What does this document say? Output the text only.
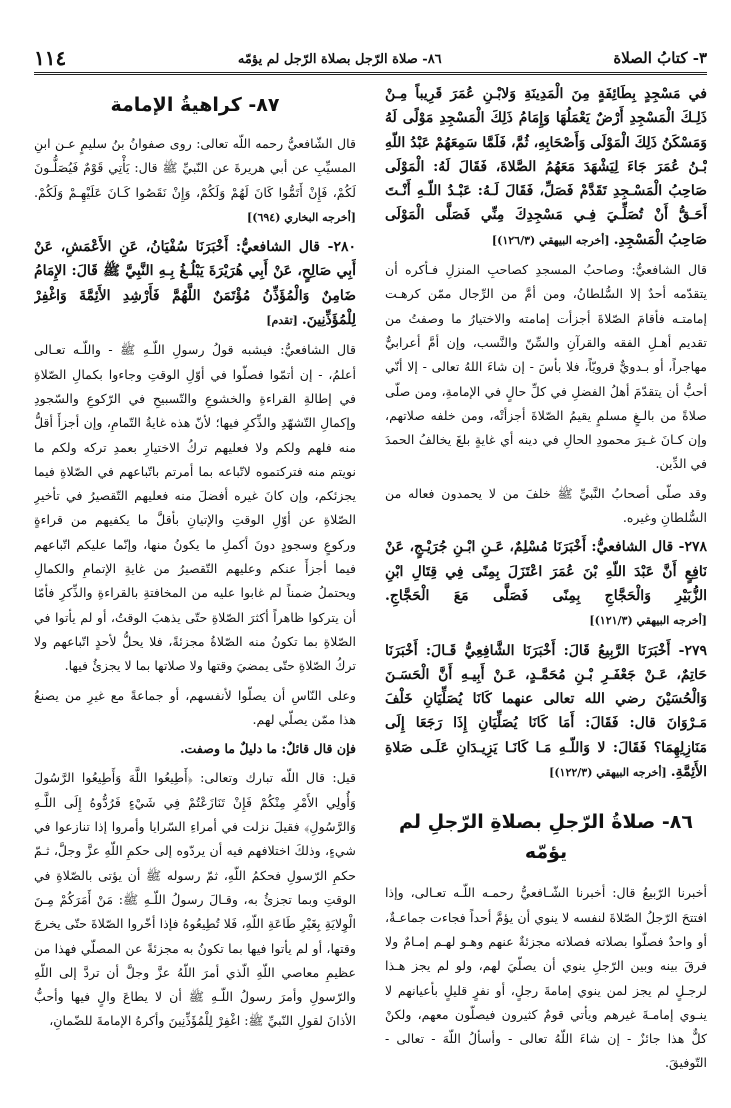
٣- كتابُ الصلاة
٨٦- صلاة الرّجل بصلاة الرّجل لم يؤمّه
١١٤

في مَسْجِدٍ بِطَائِفَةٍ مِنَ الْمَدِينَةِ وَلابْـنِ عُمَرَ قَرِيباً مِـنْ ذَلِـكَ الْمَسْجِدِ أَرْضٌ يَعْمَلُهَا وَإِمَامُ ذَلِكَ الْمَسْجِدِ مَوْلًى لَهُ وَمَسْكَنُ ذَلِكَ الْمَوْلَى وَأَصْحَابِهِ، ثُمَّ، فَلَمَّا سَمِعَهُمْ عَبْدُ اللّهِ بْـنُ عُمَرَ جَاءَ لِيَشْهَدَ مَعَهُمُ الصَّلاةَ، فَقَالَ لَهُ: الْمَوْلَى صَاحِبُ الْمَسْـجِدِ تَقَدَّمْ فَصَلِّ، فَقَالَ لَـهُ: عَبْـدُ اللّـهِ أَنْـتَ أَحَـقُّ أَنْ تُصَلِّـيَ فِـي مَسْجِدِكَ مِنِّي فَصَلَّى الْمَوْلَى صَاحِبُ الْمَسْجِدِ. [أخرجه البيهقي (١٢٦/٣)]

قال الشافعيُّ: وصاحبُ المسجدِ كصاحبِ المنزلِ فـأكره أن يتقدّمه أحدٌ إلا السُّلطانُ، ومن أمَّ من الرِّجال ممّن كرهـت إمامتـه فأقامَ الصّلاةَ أجزأت إمامته والاختيارُ ما وصفتُ من تقديم أهـلِ الفقه والقرآنِ والسِّنّ والنَّسب، وإن أمَّ أعرابيٌّ مهاجراً، أو بـدويٌّ قرويّاً، فلا بأسَ - إن شاءَ اللهُ تعالى - إلا أنّي أحبُّ أن يتقدّمَ أهلُ الفضلِ في كلِّ حالٍ في الإمامةِ، ومن صلّى صلاةً من بالـغٍ مسلمٍ يقيمُ الصّلاةَ أجزأتْه، ومن خلفه صلاتهم، وإن كـانَ غـيرَ محمودِ الحالِ في دينه أي غايةٍ بلغَ يخالفُ الحمدَ في الدِّين.

وقد صلّى أصحابُ النَّبيِّ ﷺ خلفَ من لا يحمدون فعاله من السُّلطانِ وغيره.

٢٧٨- قال الشافعيُّ: أَخْبَرَنَا مُسْلِمٌ، عَـنِ ابْـنِ جُرَيْـجٍ، عَنْ نَافِعٍ أَنَّ عَبْدَ اللّهِ بْنَ عُمَرَ اعْتَزَلَ بِمِنًى فِي قِتَالِ ابْنِ الزُّبَيْرِ وَالْحَجَّاجِ بِمِنًى فَصَلَّى مَعَ الْحَجَّاجِ. [أخرجه البيهقي (١٢١/٣)]

٢٧٩- أَخْبَرَنَا الرَّبِيعُ قَالَ: أَخْبَرَنَا الشَّافِعِيُّ قَـالَ: أَخْبَرَنَا حَاتِمٌ، عَـنْ جَعْفَـرِ بْـنِ مُحَمَّـدٍ، عَـنْ أَبِيـهِ أَنَّ الْحَسَـنَ وَالْحُسَيْنَ رضي الله تعالى عنهما كَانَا يُصَلِّيَانِ خَلْفَ مَـرْوَانَ قال: فَقَالَ: أَمَا كَانَا يُصَلِّيَانِ إِذَا رَجَعَا إِلَى مَنَازِلِهِمَا؟ فَقَالَ: لا وَاللّـهِ مَـا كَانَـا يَزِيـدَانِ عَلَـى صَلاةِ الأَئِمَّةِ. [أخرجه البيهقي (١٢٢/٣)]

٨٦- صلاةُ الرّجلِ بصلاةِ الرّجلِ لم يؤمّه

أخبرنا الرّبيعُ قال: أخبرنا الشّـافعيُّ رحمـه اللّـه تعـالى، وإذا افتتحَ الرّجلُ الصّلاةَ لنفسه لا ينوي أن يؤمَّ أحداً فجاءت جماعـةٌ، أو واحدٌ فصلّوا بصلاته فصلاته مجزئةٌ عنهم وهـو لهـم إمـامٌ ولا فرقَ بينه وبين الرّجلِ ينوي أن يصلّيَ لهم، ولو لم يجز هـذا لرجـلٍ لم يجز لمن ينوي إمامةَ رجلٍ، أو نفرٍ قليلٍ بأعيانهم لا ينـوي إمامـةَ غيرهم ويأتي قومٌ كثيرون فيصلّون معهم، ولكنْ كلٌّ هذا جائزٌ - إن شاءَ اللّهُ تعالى - وأسألُ اللّهَ - تعالى - التّوفيقَ.

٨٧- كراهيةُ الإمامة

قال الشّافعيُّ رحمه اللّه تعالى: روى صفوانُ بنُ سليمٍ عـن ابنِ المسيِّبِ عن أبي هريرةَ عن النّبيِّ ﷺ قال: يَأْتِي قَوْمٌ فَيُصَلُّـونَ لَكُمْ، فَإِنْ أَتَمُّوا كَانَ لَهُمْ وَلَكُمْ، وَإِنْ نَقَصُوا كَـانَ عَلَيْهِـمْ وَلَكُمْ. [أخرجه البخاري (٦٩٤)]

٢٨٠- قال الشافعيُّ: أَخْبَرَنَا سُفْيَانُ، عَنِ الأَعْمَشِ، عَنْ أَبِي صَالِحٍ، عَنْ أَبِي هُرَيْرَةَ يَبْلُـغُ بِـهِ النَّبِيَّ ﷺ قَالَ: الإِمَامُ ضَامِنٌ وَالْمُؤَذِّنُ مُؤْتَمَنٌ اللَّهُمَّ فَأَرْشِدِ الأَئِمَّةَ وَاغْفِرْ لِلْمُؤَذِّنِينَ. [تقدم]

قال الشافعيُّ: فيشبه قولُ رسولِ اللّـهِ ﷺ - واللّـه تعـالى أعلمُ، - إن أتمّوا فصلّوا في أوّلِ الوقتِ وجاءوا بكمالِ الصّلاةِ في إطالةِ القراءةِ والخشوعِ والتّسبيحِ في الرّكوعِ والسّجودِ وإكمالِ التّشهّدِ والذِّكرِ فيها؛ لأنّ هذه غايةُ التّمامِ، وإن أجزأَ أقلُّ منه فلهم ولكم ولا فعليهم تركُ الاختيارِ بعمدِ تركه ولكم ما نويتم منه فتركتموه لاتّباعه بما أمرتم باتّباعهم في الصّلاةِ فيما يجزئكم، وإن كانَ غيره أفضلَ منه فعليهم التّقصيرُ في تأخيرِ الصّلاةِ عن أوّلِ الوقتِ والإتيانِ بأقلَّ ما يكفيهم من قراءةٍ وركوعٍ وسجودٍ دونَ أكملِ ما يكونُ منها، وإنّما عليكم اتّباعهم فيما أجزأَ عنكم وعليهم التّقصيرُ من غايةِ الإتمامِ والكمالِ ويحتملُ ضمناً لم غابوا عليه من المخافتةِ بالقراءةِ والذِّكرِ فأمّا أن يتركوا ظاهراً أكثرَ الصّلاةِ حتّى يذهبَ الوقتُ، أو لم يأتوا في الصّلاةِ بما تكونُ منه الصّلاةُ مجزئةً، فلا يحلُّ لأحدٍ اتّباعهم ولا تركُ الصّلاةِ حتّى يمضيَ وقتها ولا صلاتها بما لا يجزئُ فيها.

وعلى النّاسِ أن يصلّوا لأنفسهم، أو جماعةً مع غيرِ من يصنعُ هذا ممّن يصلّي لهم.

فإن قال قائلٌ: ما دليلٌ ما وصفت.

قيل: قال اللّه تبارك وتعالى: ﴿أَطِيعُوا اللَّهَ وَأَطِيعُوا الرَّسُولَ وَأُولِي الأَمْرِ مِنْكُمْ فَإِنْ تَنَازَعْتُمْ فِي شَيْءٍ فَرُدُّوهُ إِلَى اللَّـهِ وَالرَّسُولِ﴾ فقيلَ نزلت في أمراءِ السّرايا وأمروا إذا تنازعوا في شيءٍ، وذلكَ اختلافهم فيه أن يردّوه إلى حكمِ اللّهِ عزَّ وجلَّ، ثـمّ حكمِ الرّسولِ فحكمُ اللّهِ، ثمّ رسوله ﷺ أن يؤتى بالصّلاةِ في الوقتِ وبما تجزئُ به، وقـالَ رسولُ اللّـهِ ﷺ: مَنْ أَمَرَكُمْ مِـنَ الْوِلايَةِ بِغَيْرِ طَاعَةِ اللّهِ، فَلا تُطِيعُوهُ فإذا أخّروا الصّلاةَ حتّى يخرجَ وقتها، أو لم يأتوا فيها بما تكونُ به مجزئةً عن المصلّي فهذا من عظيمِ معاصي اللّهِ الّذي أمرَ اللّهُ عزَّ وجلَّ أن تردَّ إلى اللّهِ والرّسولِ وأمرَ رسولُ اللّـهِ ﷺ أن لا يطاعَ والٍ فيها وأحبُّ الأذانَ لقولِ النّبيِّ ﷺ: اغْفِرْ لِلْمُؤَذِّنِينَ وأكرهُ الإمامةَ للضّمانِ،
